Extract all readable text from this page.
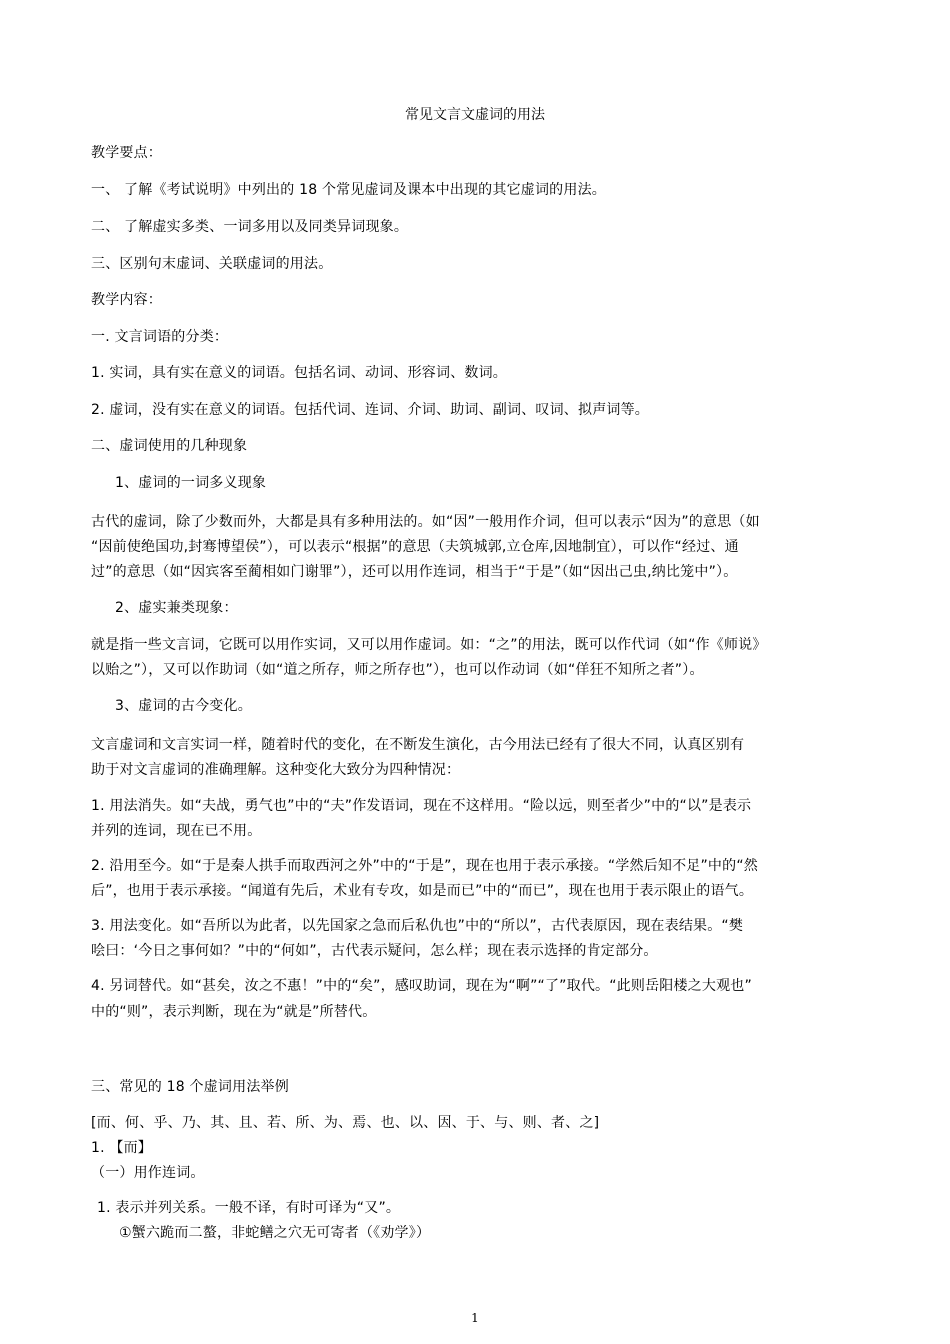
常见文言文虚词的用法
教学要点：
一、 了解《考试说明》中列出的 18 个常见虚词及课本中出现的其它虚词的用法。
二、 了解虚实多类、一词多用以及同类异词现象。
三、区别句末虚词、关联虚词的用法。
教学内容：
一. 文言词语的分类：
1. 实词，具有实在意义的词语。包括名词、动词、形容词、数词。
2. 虚词，没有实在意义的词语。包括代词、连词、介词、助词、副词、叹词、拟声词等。
二、虚词使用的几种现象
1、虚词的一词多义现象
古代的虚词，除了少数而外，大都是具有多种用法的。如“因”一般用作介词，但可以表示“因为”的意思（如
“因前使绝国功,封骞博望侯”），可以表示“根据”的意思（夫筑城郭,立仓库,因地制宜），可以作“经过、通
过”的意思（如“因宾客至蔺相如门谢罪”），还可以用作连词，相当于“于是”（如“因出己虫,纳比笼中”）。
2、虚实兼类现象：
就是指一些文言词，它既可以用作实词，又可以用作虚词。如：“之”的用法，既可以作代词（如“作《师说》
以贻之”），又可以作助词（如“道之所存，师之所存也”），也可以作动词（如“佯狂不知所之者”）。
3、虚词的古今变化。
文言虚词和文言实词一样，随着时代的变化，在不断发生演化，古今用法已经有了很大不同，认真区别有
助于对文言虚词的准确理解。这种变化大致分为四种情况：
1. 用法消失。如“夫战，勇气也”中的“夫”作发语词，现在不这样用。“险以远，则至者少”中的“以”是表示
并列的连词，现在已不用。
2. 沿用至今。如“于是秦人拱手而取西河之外”中的“于是”，现在也用于表示承接。“学然后知不足”中的“然
后”，也用于表示承接。“闻道有先后，术业有专攻，如是而已”中的“而已”，现在也用于表示限止的语气。
3. 用法变化。如“吾所以为此者，以先国家之急而后私仇也”中的“所以”，古代表原因，现在表结果。“樊
哙曰：‘今日之事何如？”中的“何如”，古代表示疑问，怎么样；现在表示选择的肯定部分。
4. 另词替代。如“甚矣，汝之不惠！”中的“矣”，感叹助词，现在为“啊”“了”取代。“此则岳阳楼之大观也”
中的“则”，表示判断，现在为“就是”所替代。
三、常见的 18 个虚词用法举例
[而、何、乎、乃、其、且、若、所、为、焉、也、以、因、于、与、则、者、之]
1. 【而】
（一）用作连词。
1. 表示并列关系。一般不译，有时可译为“又”。
①蟹六跪而二螯，非蛇鳝之穴无可寄者（《劝学》）
1
